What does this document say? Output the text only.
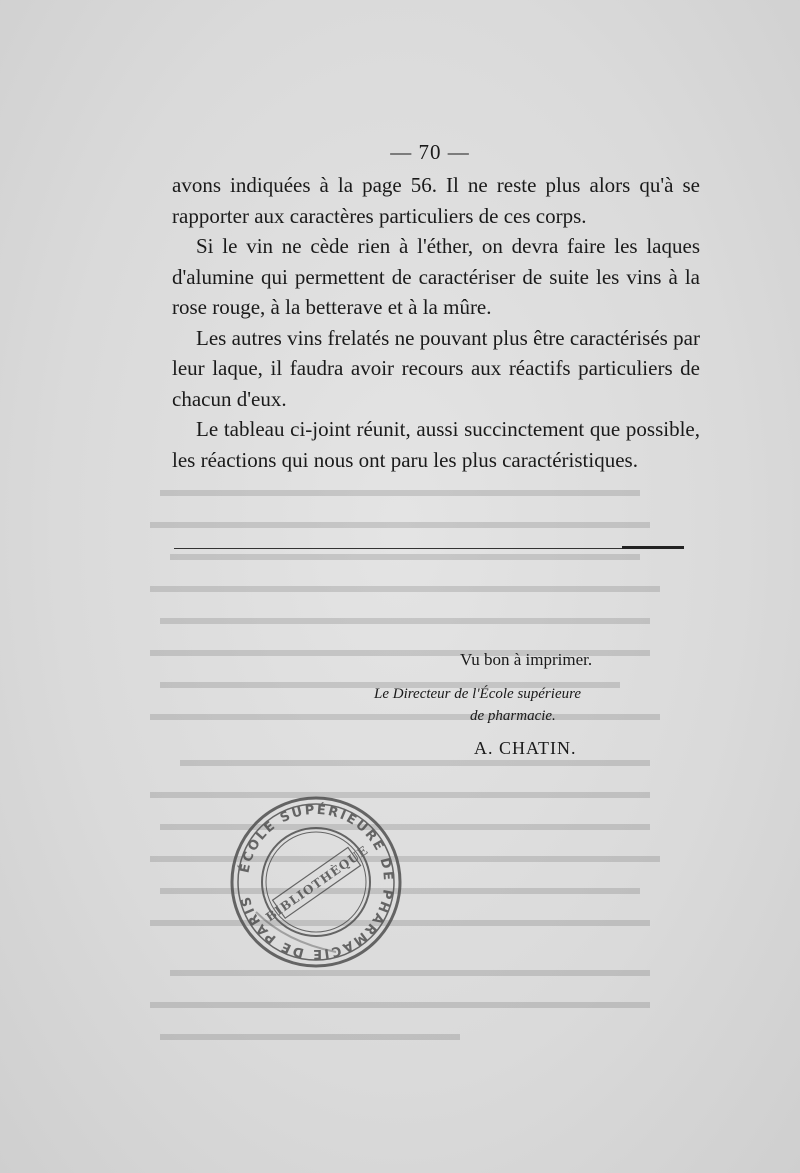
— 70 —

avons indiquées à la page 56. Il ne reste plus alors qu'à se rapporter aux caractères particuliers de ces corps.

Si le vin ne cède rien à l'éther, on devra faire les laques d'alumine qui permettent de caractériser de suite les vins à la rose rouge, à la betterave et à la mûre.

Les autres vins frelatés ne pouvant plus être caractérisés par leur laque, il faudra avoir recours aux réactifs particuliers de chacun d'eux.

Le tableau ci-joint réunit, aussi succinctement que possible, les réactions qui nous ont paru les plus caractéristiques.

Vu bon à imprimer.
Le Directeur de l'École supérieure
de pharmacie.
A. CHATIN.
ÉCOLE SUPÉRIEURE DE PHARMACIE DE PARIS BIBLIOTHÈQUE
